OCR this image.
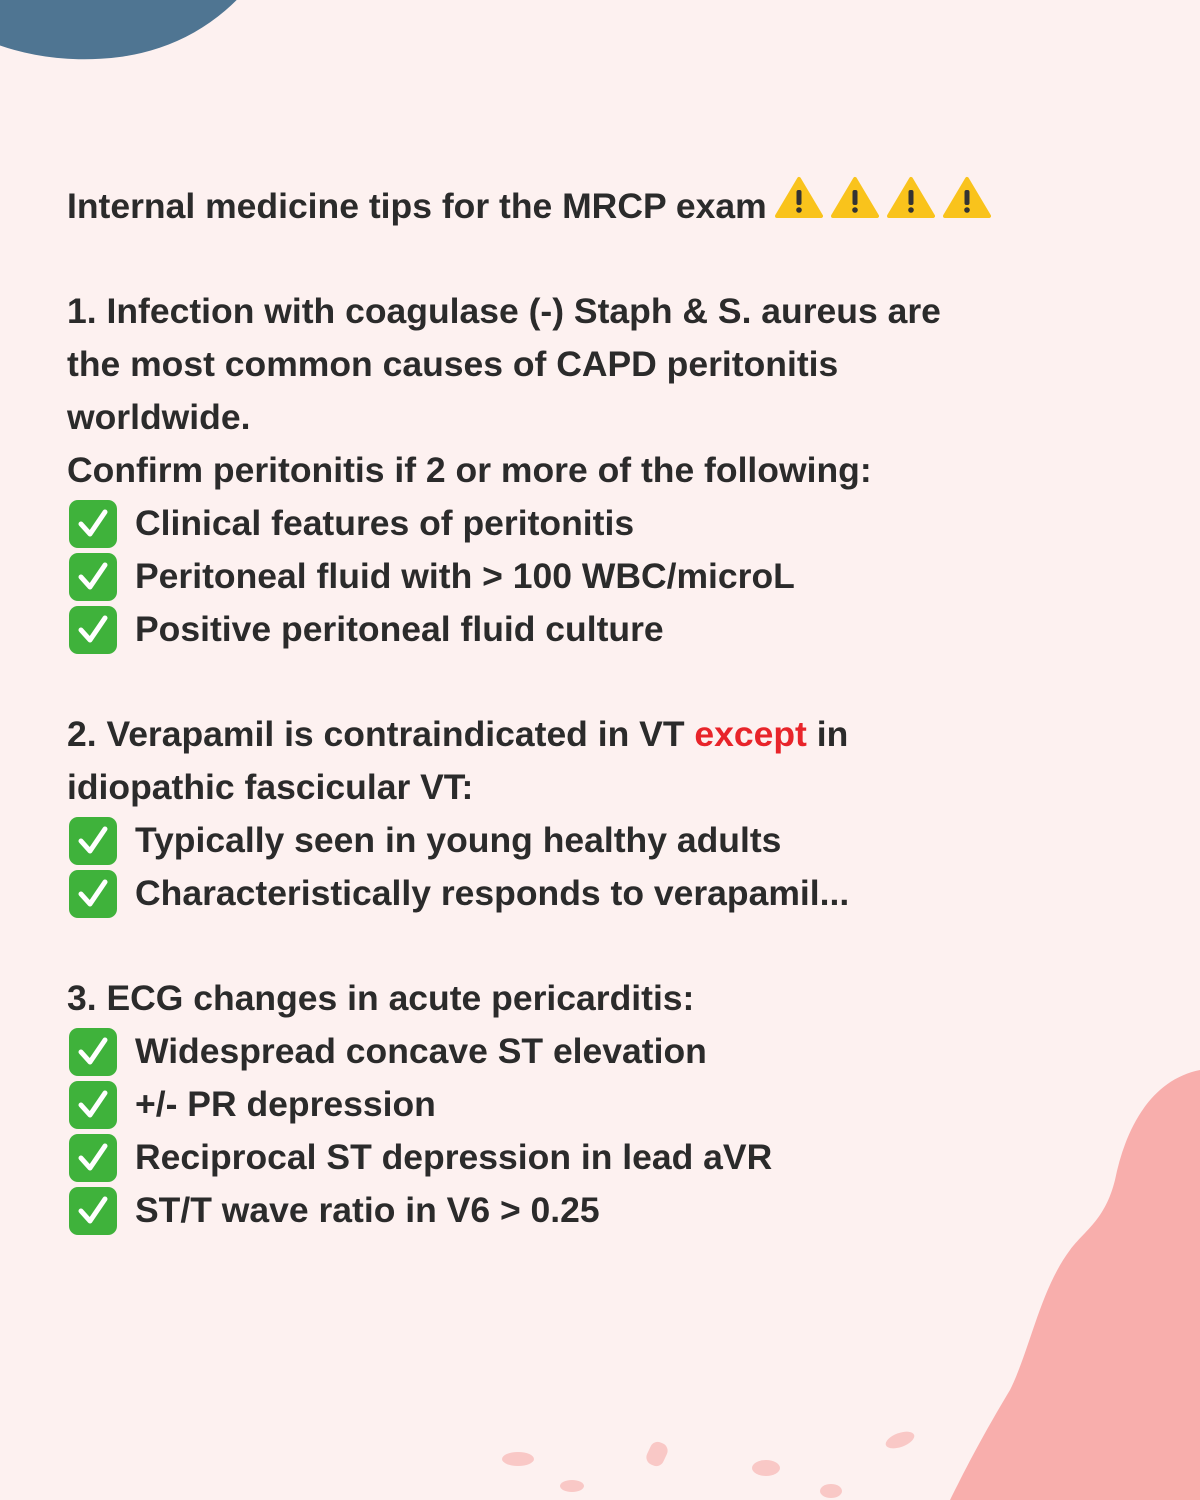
Internal medicine tips for the MRCP exam
1. Infection with coagulase (-) Staph & S. aureus are
the most common causes of CAPD peritonitis
worldwide.
Confirm peritonitis if 2 or more of the following:
Clinical features of peritonitis
Peritoneal fluid with > 100 WBC/microL
Positive peritoneal fluid culture
2. Verapamil is contraindicated in VT except in
idiopathic fascicular VT:
Typically seen in young healthy adults
Characteristically responds to verapamil...
3. ECG changes in acute pericarditis:
Widespread concave ST elevation
+/- PR depression
Reciprocal ST depression in lead aVR
ST/T wave ratio in V6 > 0.25
